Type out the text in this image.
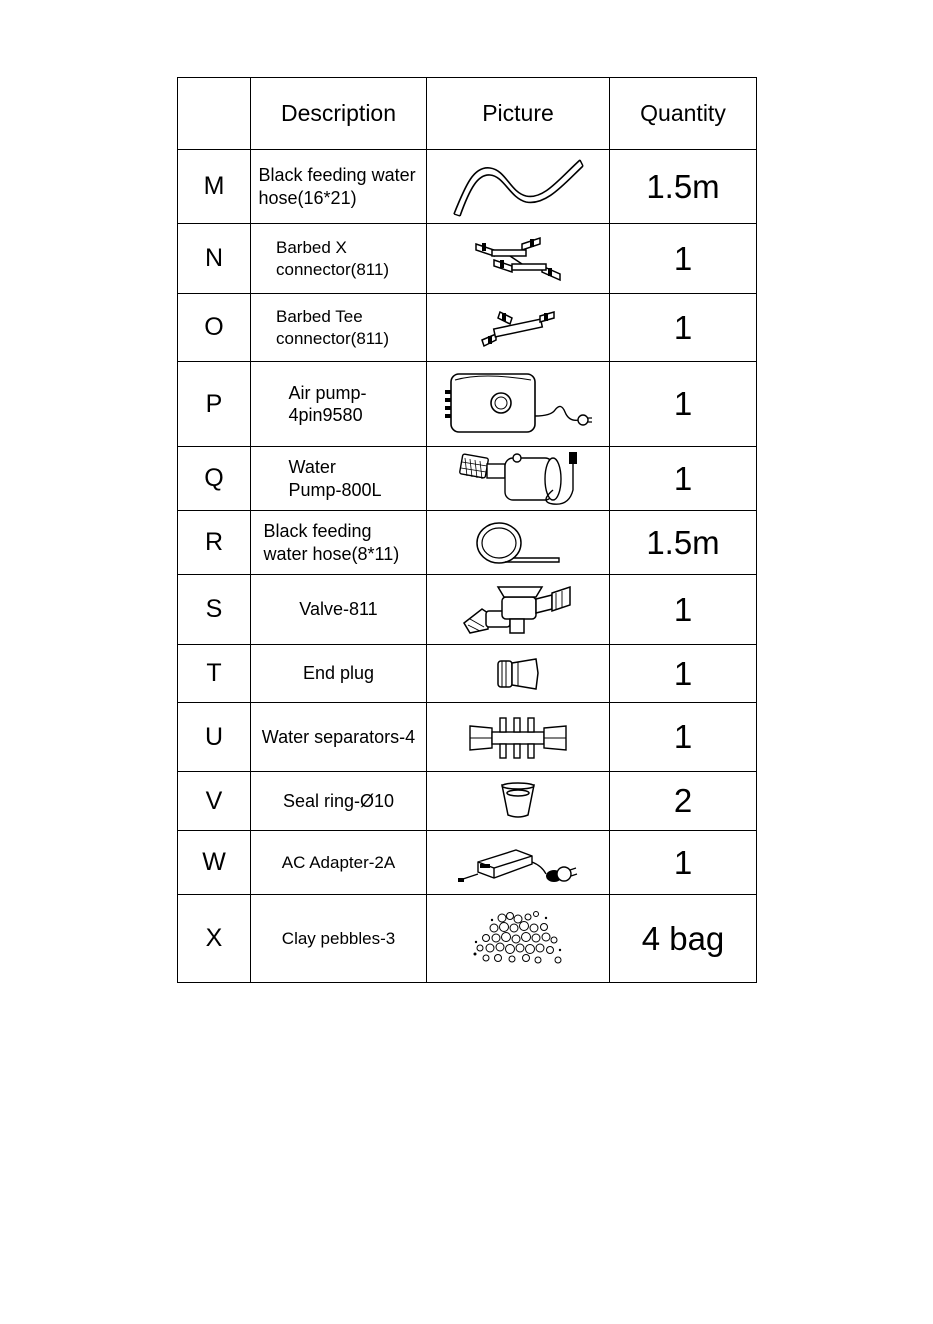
	Description	Picture	Quantity
M	Black feeding water hose(16*21)		1.5m
N	Barbed X connector(811)		1
O	Barbed Tee connector(811)		1
P	Air pump-4pin9580		1
Q	Water Pump-800L		1
R	Black feeding water hose(8*11)		1.5m
S	Valve-811		1
T	End plug		1
U	Water separators-4		1
V	Seal ring-Ø10		2
W	AC Adapter-2A		1
X	Clay pebbles-3		4 bag
